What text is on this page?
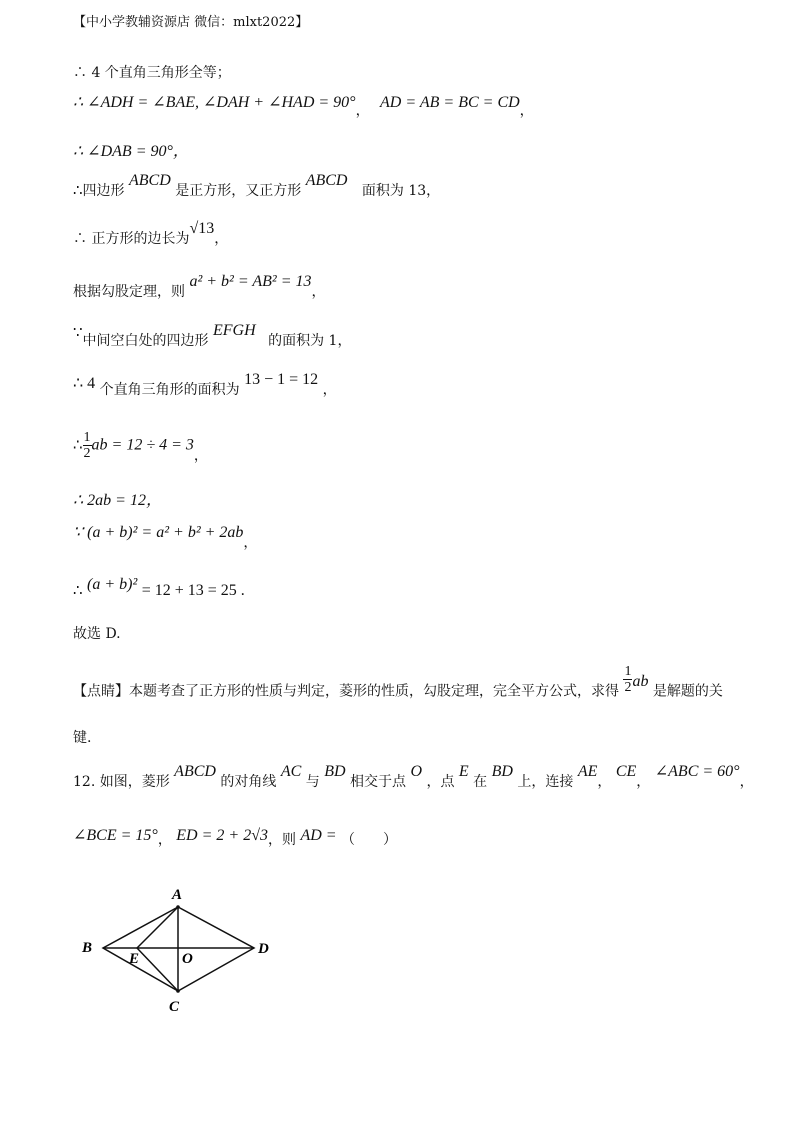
【中小学教辅资源店 微信：mlxt2022】
∴ 4 个直角三角形全等；
∴ ∠ADH = ∠BAE, ∠DAH + ∠HAD = 90°， AD = AB = BC = CD，
∴ ∠DAB = 90°，
∴四边形 ABCD 是正方形，又正方形 ABCD 面积为 13，
∴ 正方形的边长为√13，
根据勾股定理，则 a² + b² = AB² = 13，
∵中间空白处的四边形 EFGH 的面积为 1，
∴ 4 个直角三角形的面积为 13 − 1 = 12 ，
∴ $\frac{1}{2}$ ab = 12 ÷ 4 = 3，
∴ 2ab = 12，
∵ (a + b)² = a² + b² + 2ab，
∴ (a + b)² = 12 + 13 = 25 .
故选 D.
【点睛】本题考查了正方形的性质与判定，菱形的性质，勾股定理，完全平方公式，求得 $\frac{1}{2}$ ab 是解题的关
键.
12. 如图，菱形 ABCD 的对角线 AC 与 BD 相交于点 O ，点 E 在 BD 上，连接 AE， CE， ∠ABC = 60°，
∠BCE = 15°， ED = 2 + 2√3，则 AD = （　　）
A
B
C
D
E	O
